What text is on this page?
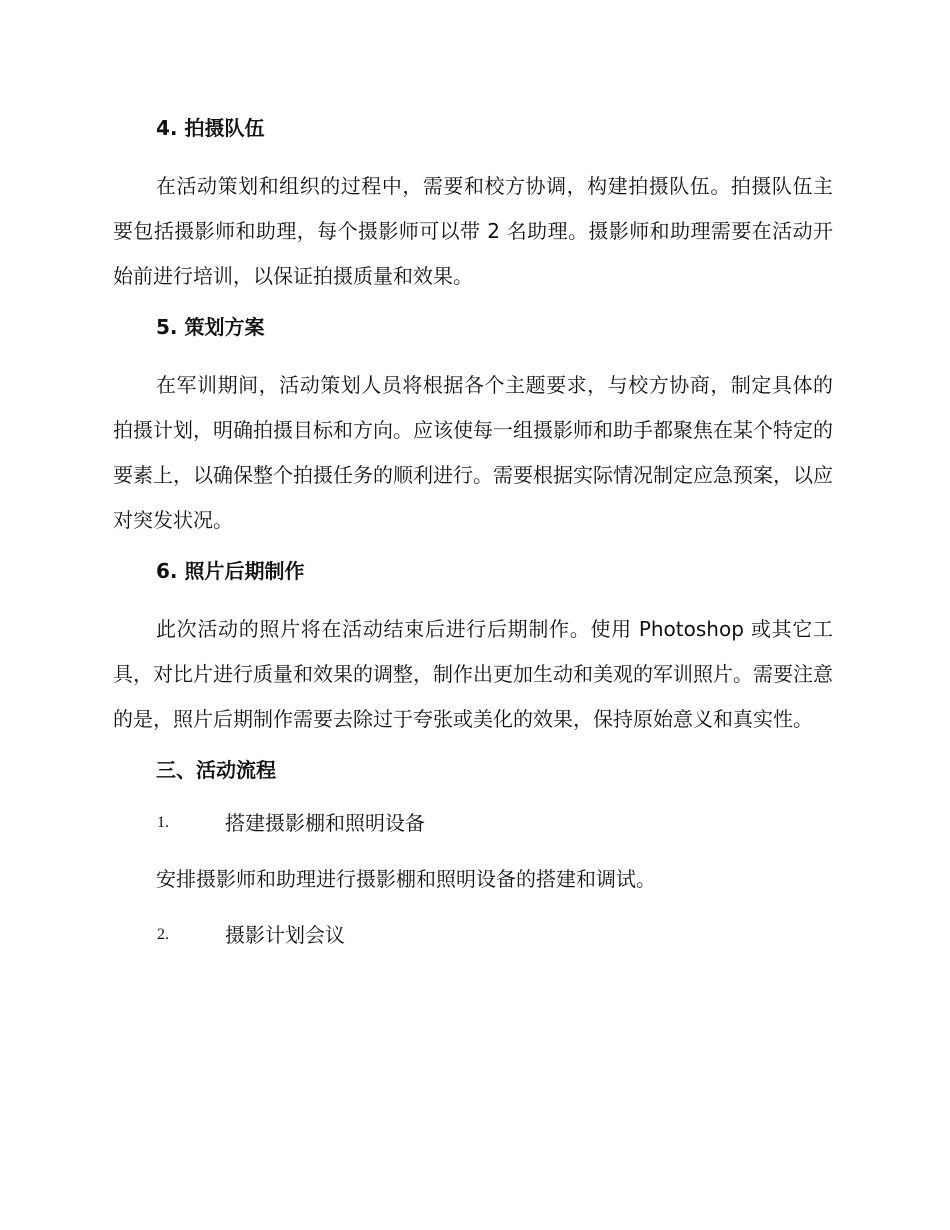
4. 拍摄队伍

在活动策划和组织的过程中，需要和校方协调，构建拍摄队伍。拍摄队伍主要包括摄影师和助理，每个摄影师可以带 2 名助理。摄影师和助理需要在活动开始前进行培训，以保证拍摄质量和效果。

5. 策划方案

在军训期间，活动策划人员将根据各个主题要求，与校方协商，制定具体的拍摄计划，明确拍摄目标和方向。应该使每一组摄影师和助手都聚焦在某个特定的要素上，以确保整个拍摄任务的顺利进行。需要根据实际情况制定应急预案，以应对突发状况。

6. 照片后期制作

此次活动的照片将在活动结束后进行后期制作。使用 Photoshop 或其它工具，对比片进行质量和效果的调整，制作出更加生动和美观的军训照片。需要注意的是，照片后期制作需要去除过于夸张或美化的效果，保持原始意义和真实性。

三、活动流程
1.	搭建摄影棚和照明设备
安排摄影师和助理进行摄影棚和照明设备的搭建和调试。
2.	摄影计划会议
